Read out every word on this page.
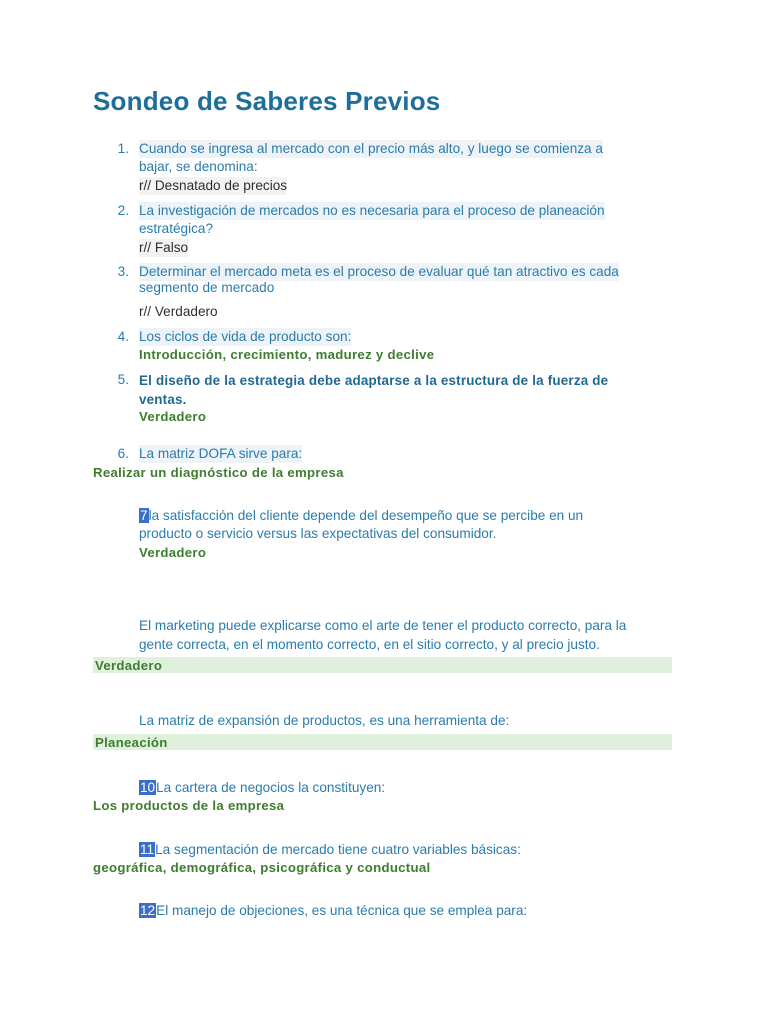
Sondeo de Saberes Previos
1. Cuando se ingresa al mercado con el precio más alto, y luego se comienza a
bajar, se denomina:
r// Desnatado de precios
2. La investigación de mercados no es necesaria para el proceso de planeación
estratégica?
r// Falso
3. Determinar el mercado meta es el proceso de evaluar qué tan atractivo es cada
segmento de mercado
r// Verdadero
4. Los ciclos de vida de producto son:
Introducción, crecimiento, madurez y declive
5. El diseño de la estrategia debe adaptarse a la estructura de la fuerza de
ventas.
Verdadero
6. La matriz DOFA sirve para:
Realizar un diagnóstico de la empresa
7la satisfacción del cliente depende del desempeño que se percibe en un
producto o servicio versus las expectativas del consumidor.
Verdadero
El marketing puede explicarse como el arte de tener el producto correcto, para la
gente correcta, en el momento correcto, en el sitio correcto, y al precio justo.
Verdadero
La matriz de expansión de productos, es una herramienta de:
Planeación
10La cartera de negocios la constituyen:
Los productos de la empresa
11La segmentación de mercado tiene cuatro variables básicas:
geográfica, demográfica, psicográfica y conductual
12El manejo de objeciones, es una técnica que se emplea para:
